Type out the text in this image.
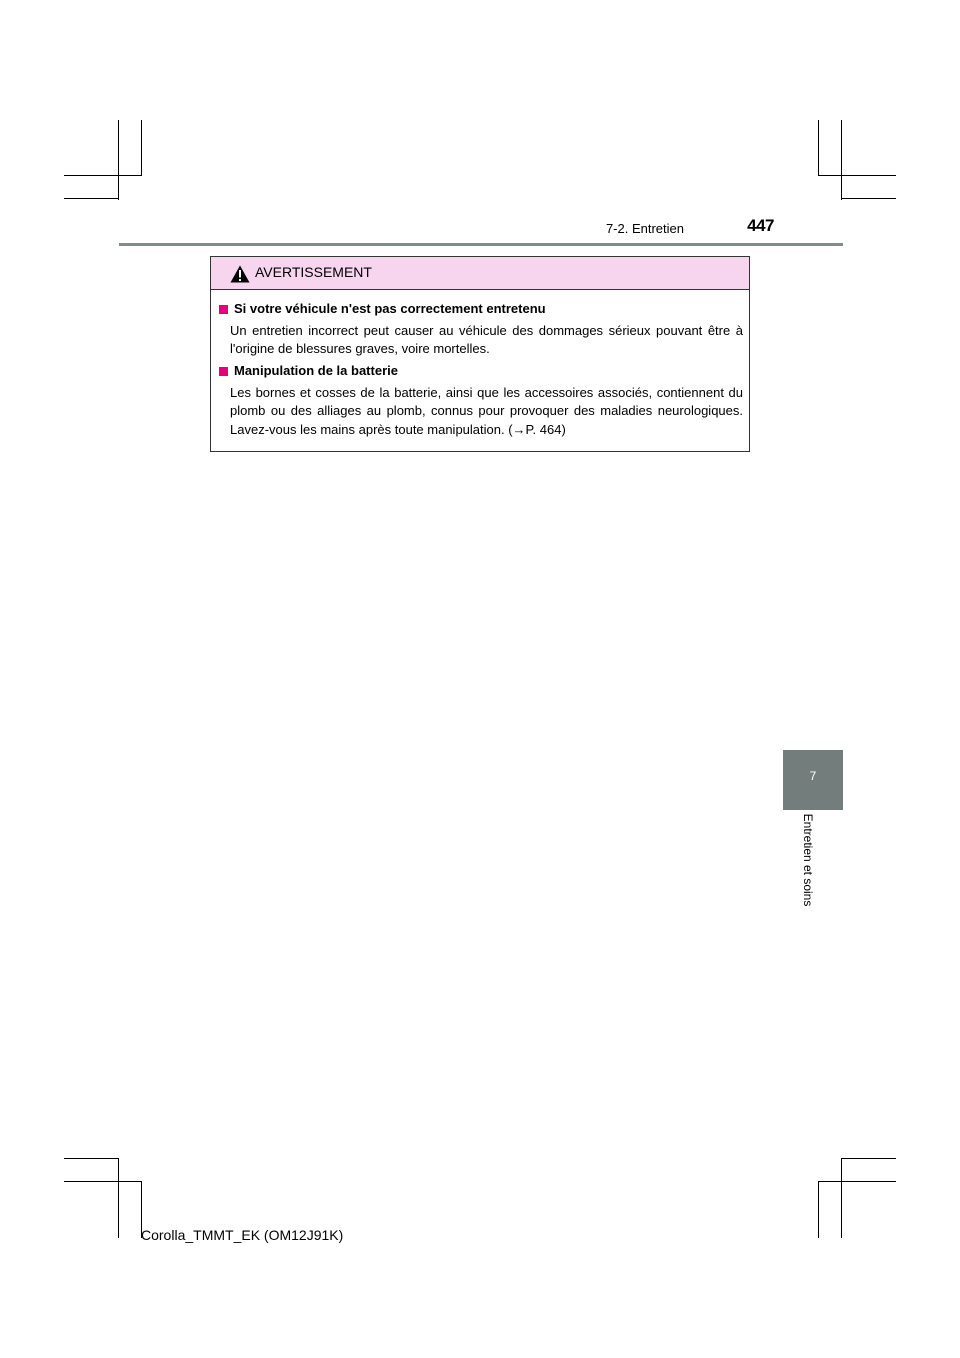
7-2. Entretien	447
AVERTISSEMENT
Si votre véhicule n'est pas correctement entretenu
Un entretien incorrect peut causer au véhicule des dommages sérieux pouvant être à l'origine de blessures graves, voire mortelles.
Manipulation de la batterie
Les bornes et cosses de la batterie, ainsi que les accessoires associés, contiennent du plomb ou des alliages au plomb, connus pour provoquer des maladies neurologiques. Lavez-vous les mains après toute manipulation. (→P. 464)
7
Entretien et soins
Corolla_TMMT_EK (OM12J91K)
